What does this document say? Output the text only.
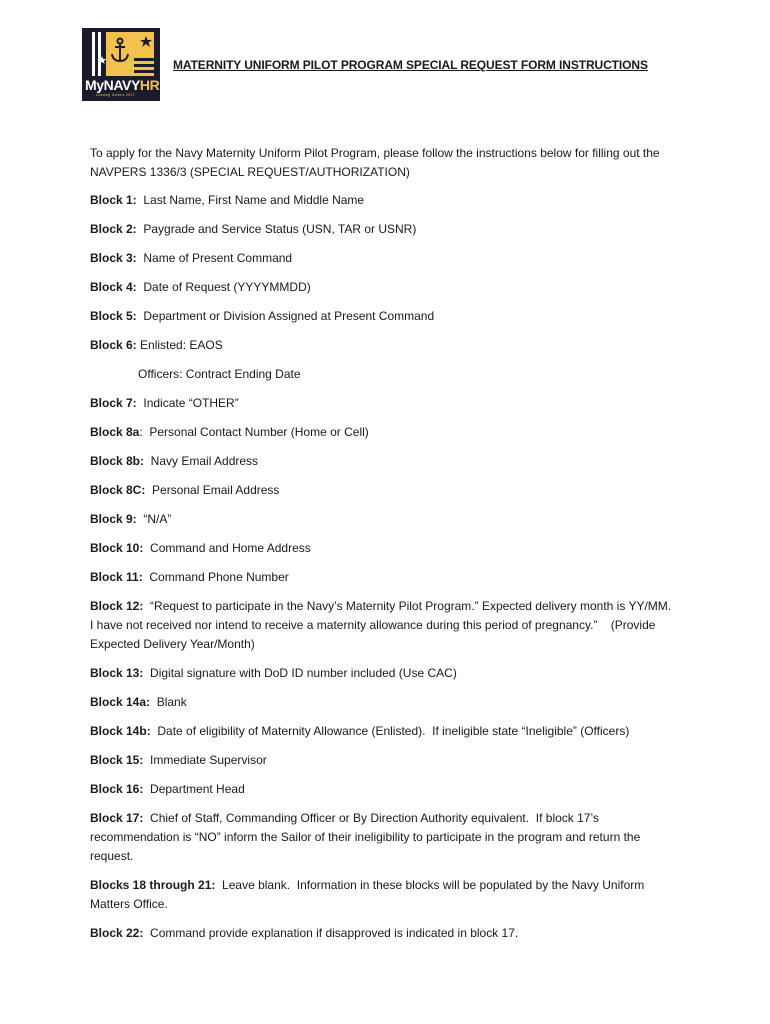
MyNAVYHR
Leading Sailors 2017
MATERNITY UNIFORM PILOT PROGRAM SPECIAL REQUEST FORM INSTRUCTIONS

To apply for the Navy Maternity Uniform Pilot Program, please follow the instructions below for filling out the NAVPERS 1336/3 (SPECIAL REQUEST/AUTHORIZATION)

Block 1:  Last Name, First Name and Middle Name

Block 2:  Paygrade and Service Status (USN, TAR or USNR)

Block 3:  Name of Present Command

Block 4:  Date of Request (YYYYMMDD)

Block 5:  Department or Division Assigned at Present Command

Block 6: Enlisted: EAOS

Officers: Contract Ending Date

Block 7:  Indicate “OTHER”

Block 8a:  Personal Contact Number (Home or Cell)

Block 8b:  Navy Email Address

Block 8C:  Personal Email Address

Block 9:  “N/A”

Block 10:  Command and Home Address

Block 11:  Command Phone Number

Block 12:  “Request to participate in the Navy’s Maternity Pilot Program.” Expected delivery month is YY/MM.  I have not received nor intend to receive a maternity allowance during this period of pregnancy.”    (Provide Expected Delivery Year/Month)

Block 13:  Digital signature with DoD ID number included (Use CAC)

Block 14a:  Blank

Block 14b:  Date of eligibility of Maternity Allowance (Enlisted).  If ineligible state “Ineligible” (Officers)

Block 15:  Immediate Supervisor

Block 16:  Department Head

Block 17:  Chief of Staff, Commanding Officer or By Direction Authority equivalent.  If block 17’s recommendation is “NO” inform the Sailor of their ineligibility to participate in the program and return the request.

Blocks 18 through 21:  Leave blank.  Information in these blocks will be populated by the Navy Uniform Matters Office.

Block 22:  Command provide explanation if disapproved is indicated in block 17.
